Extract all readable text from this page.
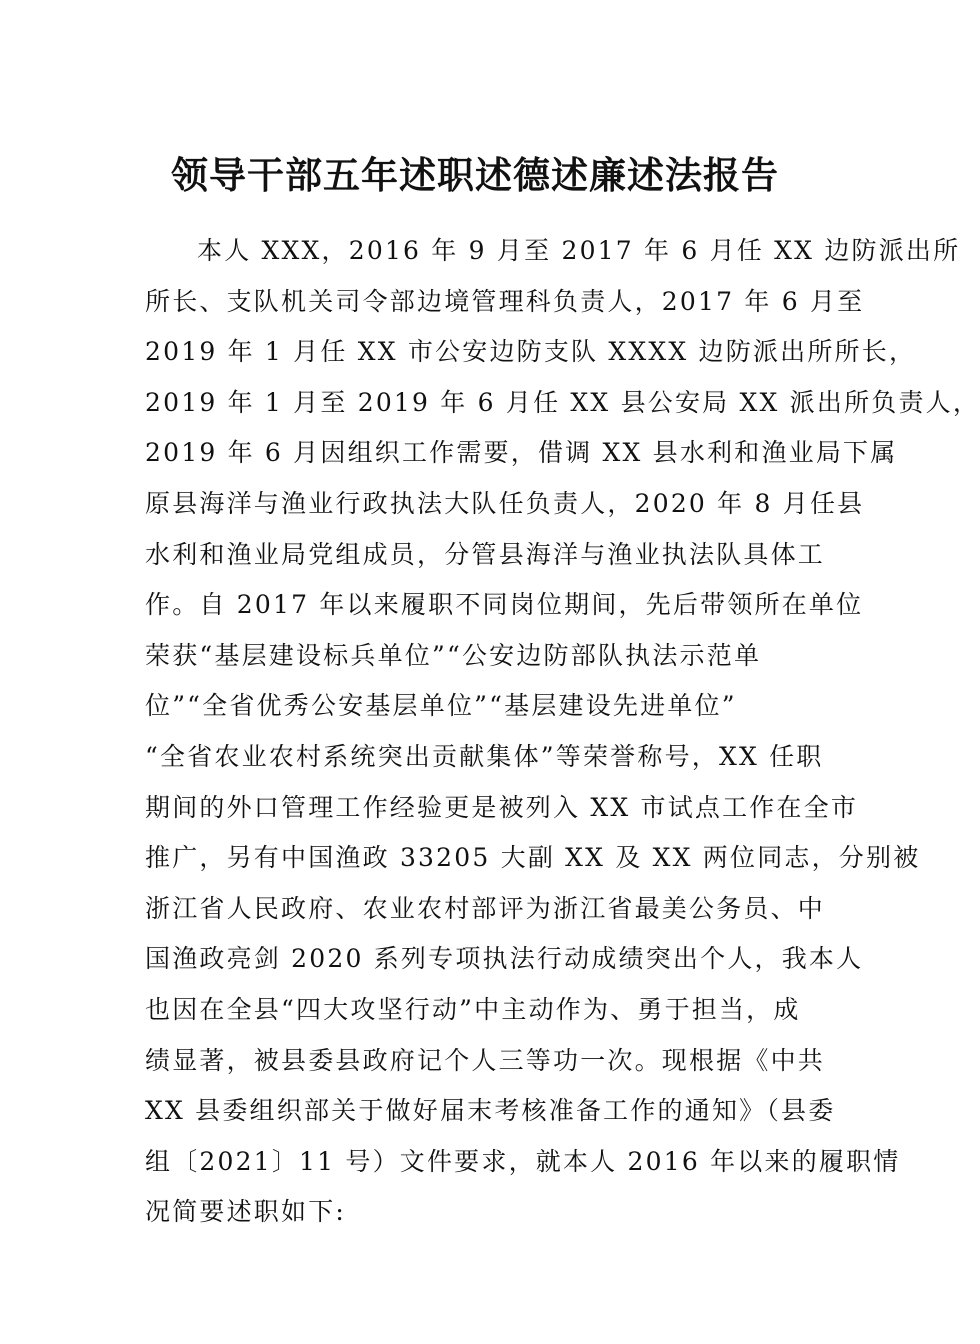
领导干部五年述职述德述廉述法报告
本人 XXX，2016 年 9 月至 2017 年 6 月任 XX 边防派出所
所长、支队机关司令部边境管理科负责人，2017 年 6 月至
2019 年 1 月任 XX 市公安边防支队 XXXX 边防派出所所长，
2019 年 1 月至 2019 年 6 月任 XX 县公安局 XX 派出所负责人，
2019 年 6 月因组织工作需要，借调 XX 县水利和渔业局下属
原县海洋与渔业行政执法大队任负责人，2020 年 8 月任县
水利和渔业局党组成员，分管县海洋与渔业执法队具体工
作。自 2017 年以来履职不同岗位期间，先后带领所在单位
荣获“基层建设标兵单位”“公安边防部队执法示范单
位”“全省优秀公安基层单位”“基层建设先进单位”
“全省农业农村系统突出贡献集体”等荣誉称号，XX 任职
期间的外口管理工作经验更是被列入 XX 市试点工作在全市
推广，另有中国渔政 33205 大副 XX 及 XX 两位同志，分别被
浙江省人民政府、农业农村部评为浙江省最美公务员、中
国渔政亮剑 2020 系列专项执法行动成绩突出个人，我本人
也因在全县“四大攻坚行动”中主动作为、勇于担当，成
绩显著，被县委县政府记个人三等功一次。现根据《中共
XX 县委组织部关于做好届末考核准备工作的通知》（县委
组〔2021〕11 号）文件要求，就本人 2016 年以来的履职情
况简要述职如下:
